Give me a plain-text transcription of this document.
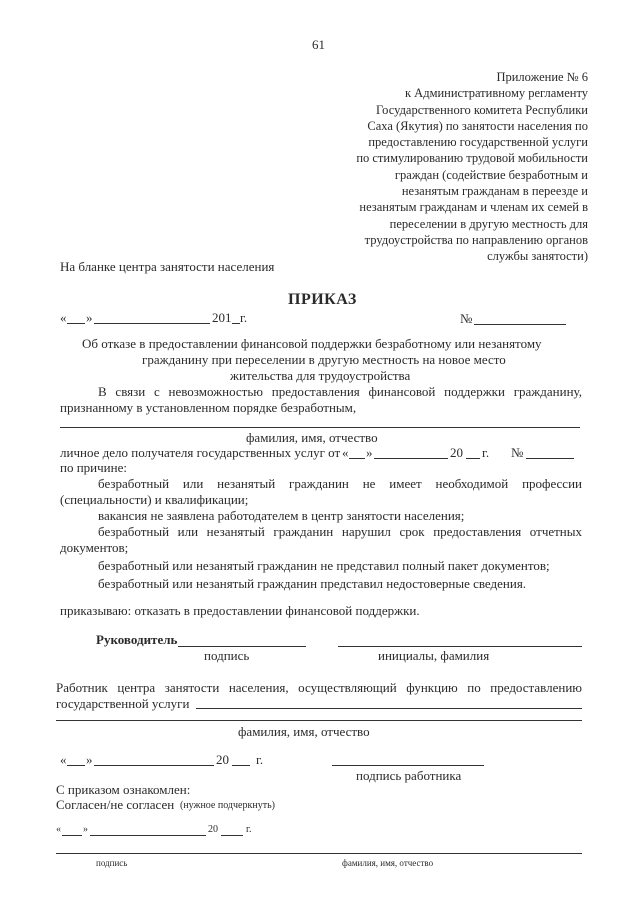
61
Приложение № 6
к Административному регламенту
Государственного комитета Республики
Саха (Якутия) по занятости населения по
предоставлению государственной услуги
по стимулированию трудовой мобильности
граждан (содействие безработным и
незанятым гражданам в переезде и
незанятым гражданам и членам их семей в
переселении в другую местность для
трудоустройства по направлению органов
службы занятости)
На бланке центра занятости населения
ПРИКАЗ
« »	201 г.	№
Об отказе в предоставлении финансовой поддержки безработному или незанятому
гражданину при переселении в другую местность на новое место
жительства для трудоустройства
В связи с невозможностью предоставления финансовой поддержки гражданину,
признанному в установленном порядке безработным,
фамилия, имя, отчество
личное дело получателя государственных услуг от « »	20 г. №
по причине:
безработный или незанятый гражданин не имеет необходимой профессии
(специальности) и квалификации;
вакансия не заявлена работодателем в центр занятости населения;
безработный или незанятый гражданин нарушил срок предоставления отчетных
документов;
безработный или незанятый гражданин не представил полный пакет документов;
безработный или незанятый гражданин представил недостоверные сведения.
приказываю: отказать в предоставлении финансовой поддержки.
Руководитель
подпись	инициалы, фамилия
Работник центра занятости населения, осуществляющий функцию по предоставлению
государственной услуги
фамилия, имя, отчество
« »	20 г.
подпись работника
С приказом ознакомлен:
Согласен/не согласен (нужное подчеркнуть)
« »	20	г.
подпись	фамилия, имя, отчество
